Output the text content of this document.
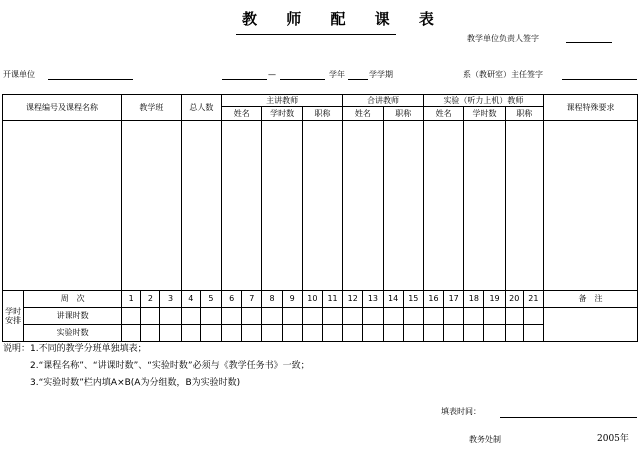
教 师 配 课 表
教学单位负责人签字
开课单位	—	学年	学学期	系（教研室）主任签字
课程编号及课程名称		教学班			总人数		主讲教师						合讲教师				实验（听力上机）教师						课程特殊要求
							姓名		学时数		职称		姓名		职称		姓名		学时数		职称		

学时安排	周　次	1	2	3	4	5	6	7	8	9	10	11	12	13	14	15	16	17	18	19	20	21	备　注
	讲课时数																						
	实验时数																						
说明：1.不同的教学分班单独填表；
2.“课程名称”、“讲课时数”、“实验时数”必须与《教学任务书》一致；
3.“实验时数”栏内填A×B(A为分组数，B为实验时数)
填表时间：
教务处制	2005年
